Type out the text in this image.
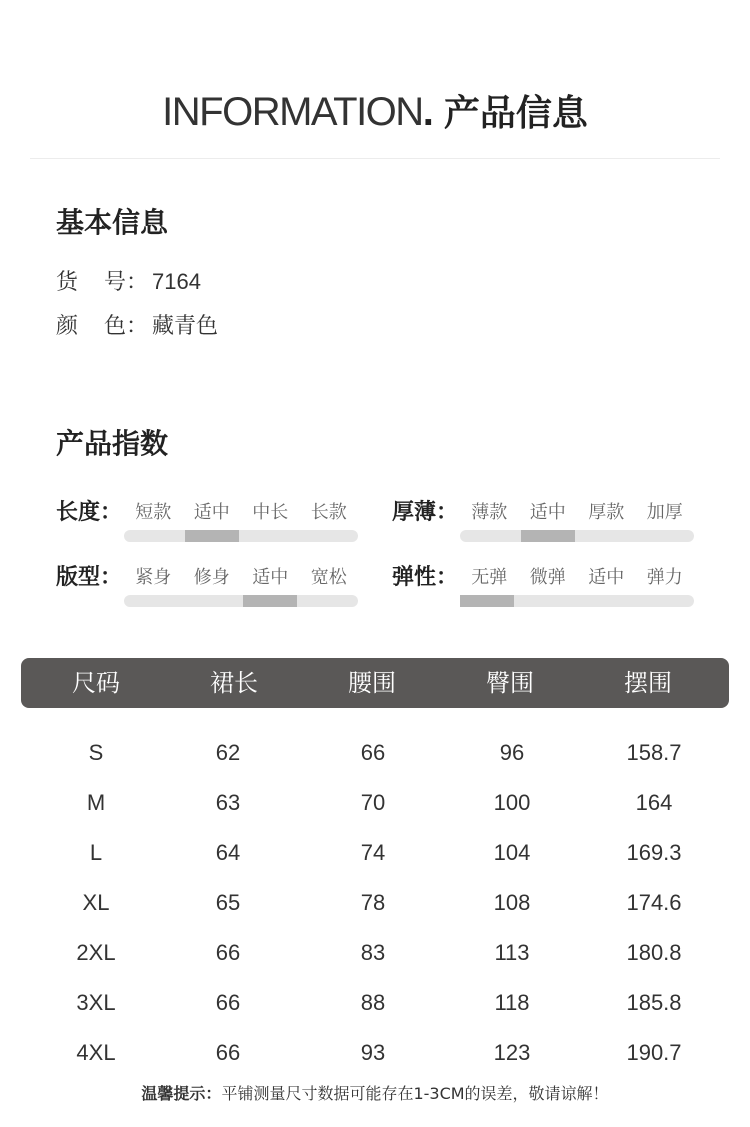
INFORMATION. 产品信息
基本信息
货 号： 7164
颜 色： 藏青色
产品指数
长度： 短款	适中	中长	长款	厚薄： 薄款	适中	厚款	加厚
版型： 紧身	修身	适中	宽松	弹性： 无弹	微弹	适中	弹力
尺码	裙长	腰围	臀围	摆围
S	62	66	96	158.7
M	63	70	100	164
L	64	74	104	169.3
XL	65	78	108	174.6
2XL	66	83	113	180.8
3XL	66	88	118	185.8
4XL	66	93	123	190.7
温馨提示：平铺测量尺寸数据可能存在1-3CM的误差，敬请谅解！
